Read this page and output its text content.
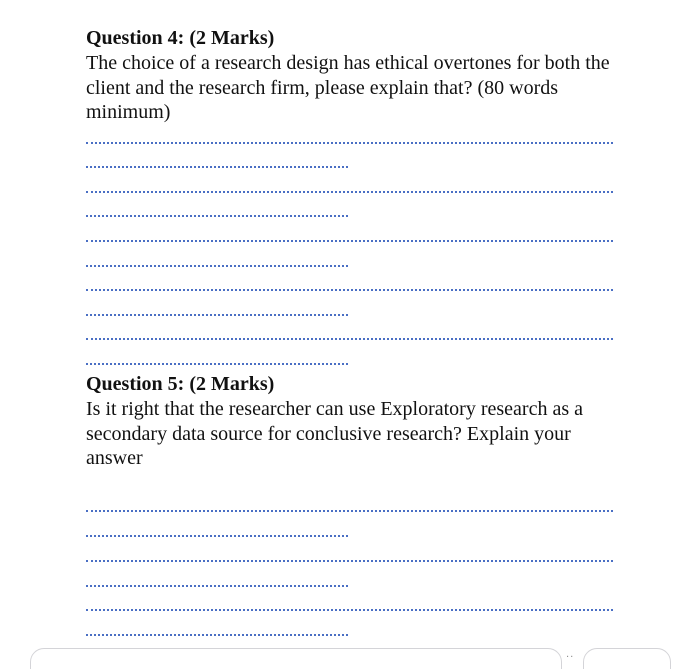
Question 4: (2 Marks)

The choice of a research design has ethical overtones for both the client and the research firm, please explain that? (80 words minimum)

Question 5: (2 Marks)

Is it right that the researcher can use Exploratory research as a secondary data source for conclusive research? Explain your answer

··
